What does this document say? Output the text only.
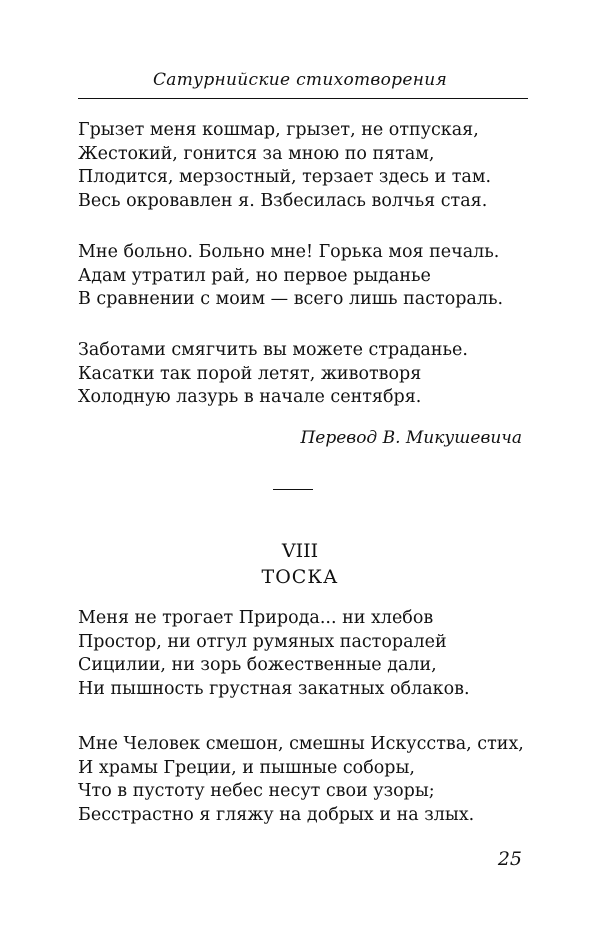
Сатурнийские стихотворения
Грызет меня кошмар, грызет, не отпуская,
Жестокий, гонится за мною по пятам,
Плодится, мерзостный, терзает здесь и там.
Весь окровавлен я. Взбесилась волчья стая.
Мне больно. Больно мне! Горька моя печаль.
Адам утратил рай, но первое рыданье
В сравнении с моим — всего лишь пастораль.
Заботами смягчить вы можете страданье.
Касатки так порой летят, животворя
Холодную лазурь в начале сентября.
Перевод В. Микушевича
VIII
ТОСКА
Меня не трогает Природа... ни хлебов
Простор, ни отгул румяных пасторалей
Сицилии, ни зорь божественные дали,
Ни пышность грустная закатных облаков.
Мне Человек смешон, смешны Искусства, стих,
И храмы Греции, и пышные соборы,
Что в пустоту небес несут свои узоры;
Бесстрастно я гляжу на добрых и на злых.
25
